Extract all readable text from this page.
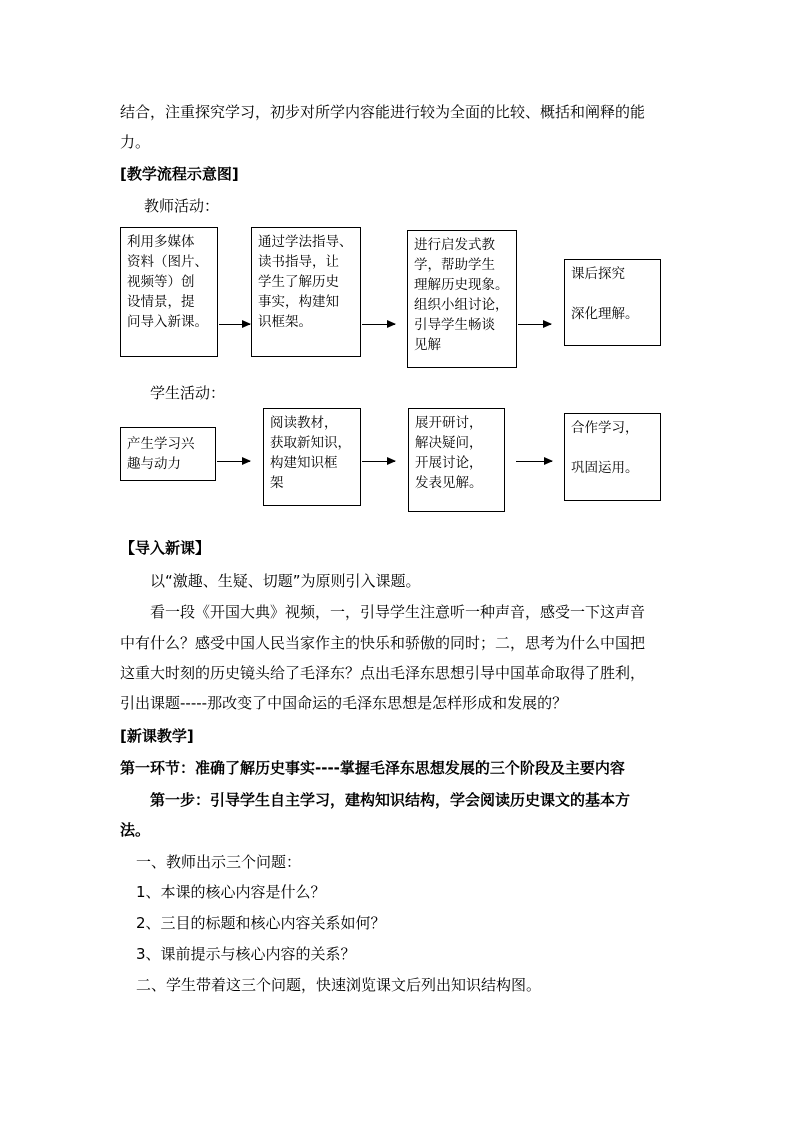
结合，注重探究学习，初步对所学内容能进行较为全面的比较、概括和阐释的能
力。
[教学流程示意图]
教师活动：
利用多媒体
资料（图片、
视频等）创
设情景，提
问导入新课。
通过学法指导、
读书指导，让
学生了解历史
事实，构建知
识框架。
进行启发式教
学，帮助学生
理解历史现象。
组织小组讨论，
引导学生畅谈
见解
课后探究

深化理解。
学生活动：
产生学习兴
趣与动力
阅读教材，
获取新知识，
构建知识框
架
展开研讨，
解决疑问，
开展讨论，
发表见解。
合作学习，

巩固运用。
【导入新课】
以“激趣、生疑、切题”为原则引入课题。
看一段《开国大典》视频，一，引导学生注意听一种声音，感受一下这声音
中有什么？感受中国人民当家作主的快乐和骄傲的同时；二，思考为什么中国把
这重大时刻的历史镜头给了毛泽东？点出毛泽东思想引导中国革命取得了胜利，
引出课题-----那改变了中国命运的毛泽东思想是怎样形成和发展的？
[新课教学]
第一环节：准确了解历史事实----掌握毛泽东思想发展的三个阶段及主要内容
第一步：引导学生自主学习，建构知识结构，学会阅读历史课文的基本方
法。
一、教师出示三个问题：
1、本课的核心内容是什么？
2、三目的标题和核心内容关系如何？
3、课前提示与核心内容的关系？
二、学生带着这三个问题，快速浏览课文后列出知识结构图。
